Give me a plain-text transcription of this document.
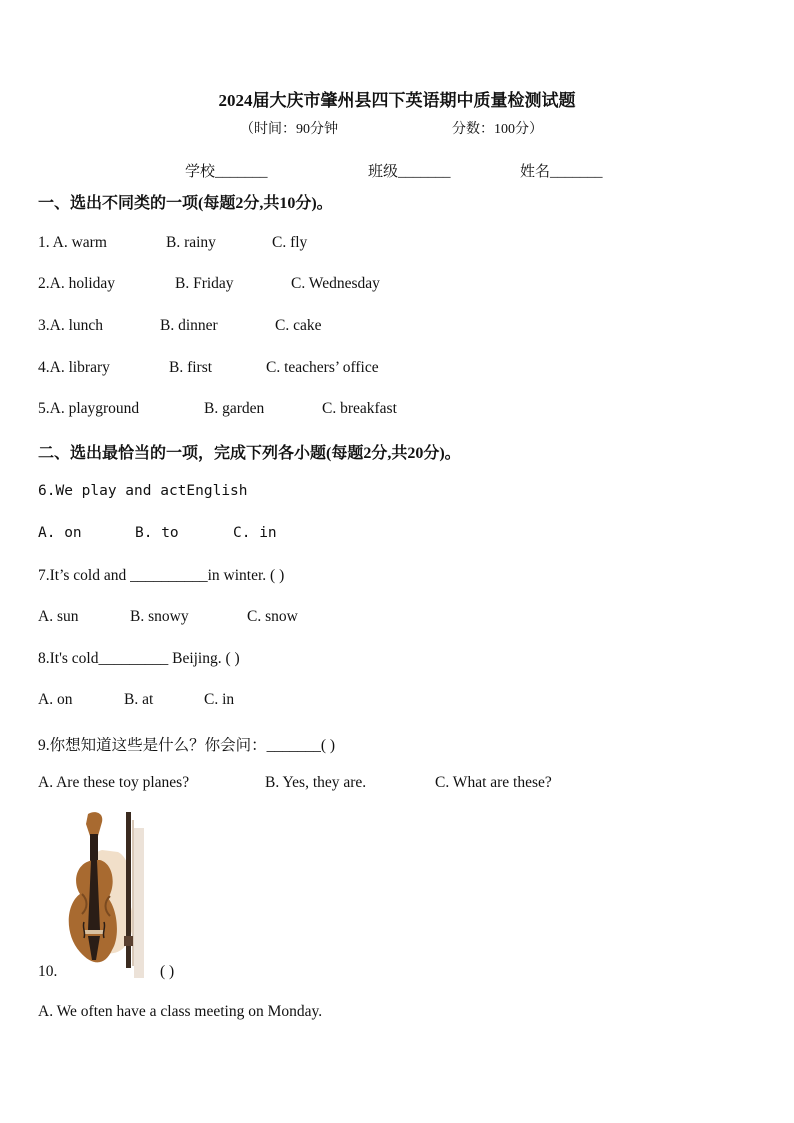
2024届大庆市肇州县四下英语期中质量检测试题
（时间：90分钟	分数：100分）
学校_______	班级_______	姓名_______
一、选出不同类的一项(每题2分,共10分)。
1. A. warm	B. rainy	C. fly
2.A. holiday	B. Friday	C. Wednesday
3.A. lunch	B. dinner	C. cake
4.A. library	B. first	C. teachers’ office
5.A. playground	B. garden	C. breakfast
二、选出最恰当的一项，完成下列各小题(每题2分,共20分)。
6.We play and actEnglish
A. on	B. to	C. in
7.It’s cold and __________in winter. ( )
A. sun	B. snowy	C. snow
8.It's cold_________ Beijing. ( )
A. on	B. at	C. in
9.你想知道这些是什么？你会问：_______( )
A. Are these toy planes?	B. Yes, they are.	C. What are these?
10.	( )
A. We often have a class meeting on Monday.
